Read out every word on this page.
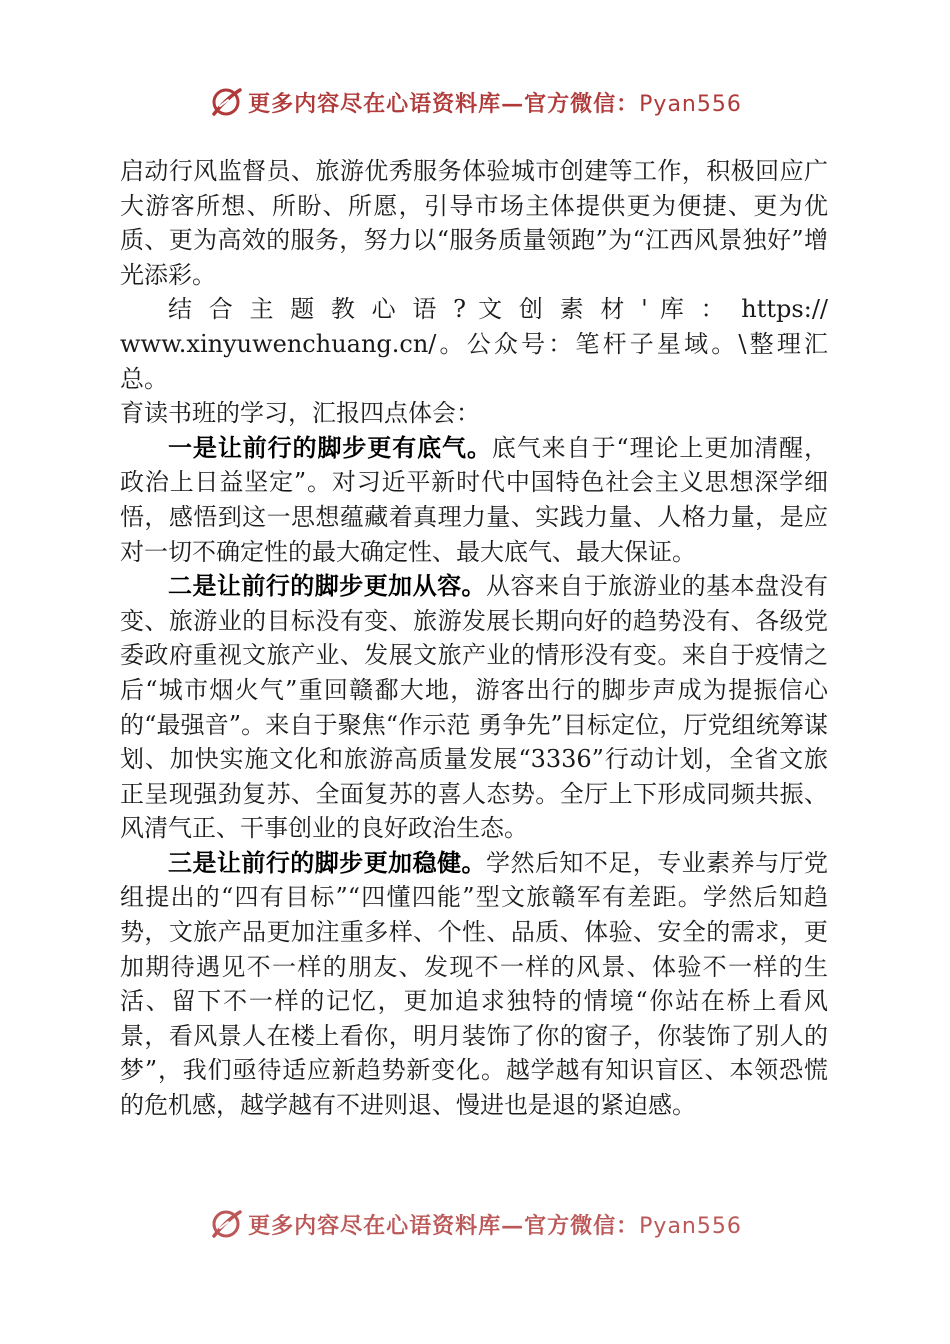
更多内容尽在心语资料库—官方微信：Pyan556

启动行风监督员、旅游优秀服务体验城市创建等工作，积极回应广大游客所想、所盼、所愿，引导市场主体提供更为便捷、更为优质、更为高效的服务，努力以“服务质量领跑”为“江西风景独好”增光添彩。

结 合 主 题 教 心 语 ? 文 创 素 材 ' 库 ： https://

www.xinyuwenchuang.cn/。公众号：笔杆子星域。\整理汇总。

育读书班的学习，汇报四点体会：

一是让前行的脚步更有底气。底气来自于“理论上更加清醒，政治上日益坚定”。对习近平新时代中国特色社会主义思想深学细悟，感悟到这一思想蕴藏着真理力量、实践力量、人格力量，是应对一切不确定性的最大确定性、最大底气、最大保证。

二是让前行的脚步更加从容。从容来自于旅游业的基本盘没有变、旅游业的目标没有变、旅游发展长期向好的趋势没有、各级党委政府重视文旅产业、发展文旅产业的情形没有变。来自于疫情之后“城市烟火气”重回赣鄱大地，游客出行的脚步声成为提振信心的“最强音”。来自于聚焦“作示范 勇争先”目标定位，厅党组统筹谋划、加快实施文化和旅游高质量发展“3336”行动计划，全省文旅正呈现强劲复苏、全面复苏的喜人态势。全厅上下形成同频共振、风清气正、干事创业的良好政治生态。

三是让前行的脚步更加稳健。学然后知不足，专业素养与厅党组提出的“四有目标”“四懂四能”型文旅赣军有差距。学然后知趋势，文旅产品更加注重多样、个性、品质、体验、安全的需求，更加期待遇见不一样的朋友、发现不一样的风景、体验不一样的生活、留下不一样的记忆，更加追求独特的情境“你站在桥上看风景，看风景人在楼上看你，明月装饰了你的窗子，你装饰了别人的梦”，我们亟待适应新趋势新变化。越学越有知识盲区、本领恐慌的危机感，越学越有不进则退、慢进也是退的紧迫感。

更多内容尽在心语资料库—官方微信：Pyan556
